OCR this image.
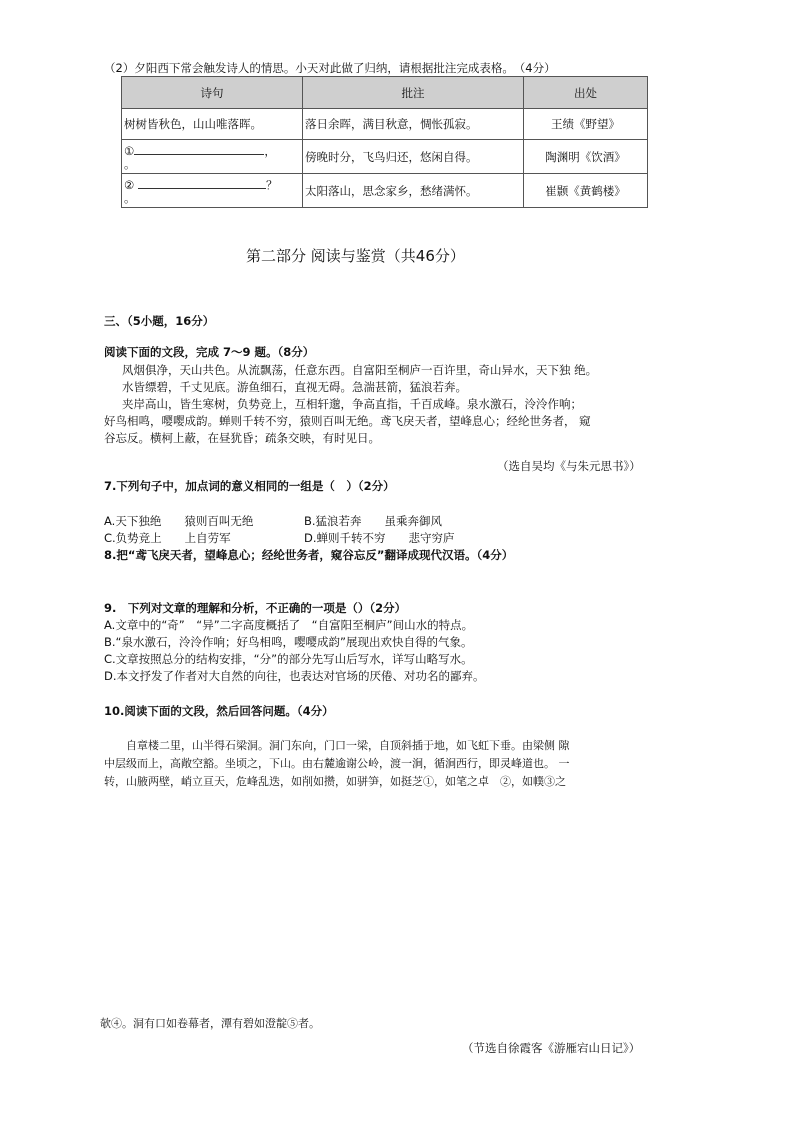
（2）夕阳西下常会触发诗人的情思。小天对此做了归纳，请根据批注完成表格。　（4分）
诗句	批注	出处
树树皆秋色，山山唯落晖。	落日余晖，满目秋意，惆怅孤寂。	王绩《野望》
① ，
。	傍晚时分，飞鸟归还，悠闲自得。	陶渊明《饮酒》
② ？
。	太阳落山，思念家乡，愁绪满怀。	崔颢《黄鹤楼》
第二部分 阅读与鉴赏（共46分）
三、（5小题，16分）
阅读下面的文段，完成 7～9 题。（8分）
风烟俱净，天山共色。从流飘荡，任意东西。自富阳至桐庐一百许里，奇山异水，天下独 绝。
水皆缥碧，千丈见底。游鱼细石，直视无碍。急湍甚箭，猛浪若奔。
夹岸高山，皆生寒树，负势竞上，互相轩邈，争高直指，千百成峰。泉水激石，泠泠作响；
好鸟相鸣，嘤嘤成韵。蝉则千转不穷，猿则百叫无绝。鸢飞戾天者，望峰息心；经纶世务者， 窥
谷忘反。横柯上蔽，在昼犹昏；疏条交映，有时见日。
（选自吴均《与朱元思书》）
7.下列句子中，加点词的意义相同的一组是（　）（2分）
A.天下独绝　　猿则百叫无绝	B.猛浪若奔　　虽乘奔御风
C.负势竞上　　上自劳军	D.蝉则千转不穷　　悲守穷庐
8.把“鸢飞戾天者，望峰息心；经纶世务者，窥谷忘反”翻译成现代汉语。（4分）
9.　下列对文章的理解和分析，不正确的一项是（）（2分）
A.文章中的“奇”　“异”二字高度概括了　“自富阳至桐庐”间山水的特点。
B.“泉水激石，泠泠作响；好鸟相鸣，嘤嘤成韵”展现出欢快自得的气象。
C.文章按照总分的结构安排，“分”的部分先写山后写水，详写山略写水。
D.本文抒发了作者对大自然的向往，也表达对官场的厌倦、对功名的鄙弃。
10.阅读下面的文段，然后回答问题。（4分）
自章楼二里，山半得石梁洞。洞门东向，门口一梁，自顶斜插于地，如飞虹下垂。由梁侧 隙
中层级而上，高敞空豁。坐顷之，下山。由右麓逾谢公岭，渡一涧，循涧西行，即灵峰道也。 一
转，山腋两壁，峭立亘天，危峰乱迭，如削如攒，如骈笋，如挺芝①，如笔之卓　②，如幞③之
欹④。洞有口如卷幕者，潭有碧如澄靛⑤者。
（节选自徐霞客《游雁宕山日记》）
